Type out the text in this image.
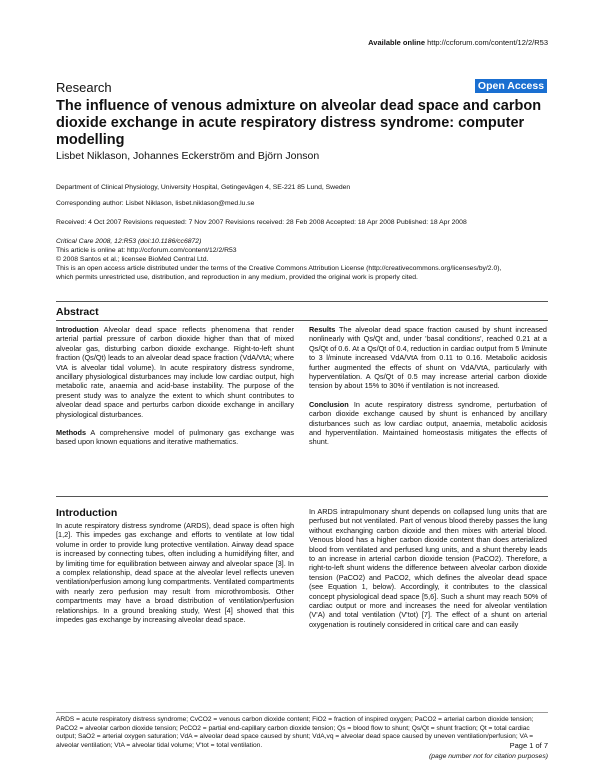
Available online http://ccforum.com/content/12/2/R53
Research	Open Access
The influence of venous admixture on alveolar dead space and carbon dioxide exchange in acute respiratory distress syndrome: computer modelling
Lisbet Niklason, Johannes Eckerström and Björn Jonson
Department of Clinical Physiology, University Hospital, Getingevägen 4, SE-221 85 Lund, Sweden
Corresponding author: Lisbet Niklason, lisbet.niklason@med.lu.se
Received: 4 Oct 2007 Revisions requested: 7 Nov 2007 Revisions received: 28 Feb 2008 Accepted: 18 Apr 2008 Published: 18 Apr 2008
Critical Care 2008, 12:R53 (doi:10.1186/cc6872)
This article is online at: http://ccforum.com/content/12/2/R53
© 2008 Santos et al.; licensee BioMed Central Ltd.
This is an open access article distributed under the terms of the Creative Commons Attribution License (http://creativecommons.org/licenses/by/2.0),
which permits unrestricted use, distribution, and reproduction in any medium, provided the original work is properly cited.
Abstract

Introduction Alveolar dead space reflects phenomena that render arterial partial pressure of carbon dioxide higher than that of mixed alveolar gas, disturbing carbon dioxide exchange. Right-to-left shunt fraction (Qs/Qt) leads to an alveolar dead space fraction (VdA/VtA; where VtA is alveolar tidal volume). In acute respiratory distress syndrome, ancillary physiological disturbances may include low cardiac output, high metabolic rate, anaemia and acid-base instability. The purpose of the present study was to analyze the extent to which shunt contributes to alveolar dead space and perturbs carbon dioxide exchange in ancillary physiological disturbances.

Methods A comprehensive model of pulmonary gas exchange was based upon known equations and iterative mathematics.

Results The alveolar dead space fraction caused by shunt increased nonlinearly with Qs/Qt and, under 'basal conditions', reached 0.21 at a Qs/Qt of 0.6. At a Qs/Qt of 0.4, reduction in cardiac output from 5 l/minute to 3 l/minute increased VdA/VtA from 0.11 to 0.16. Metabolic acidosis further augmented the effects of shunt on VdA/VtA, particularly with hyperventilation. A Qs/Qt of 0.5 may increase arterial carbon dioxide tension by about 15% to 30% if ventilation is not increased.

Conclusion In acute respiratory distress syndrome, perturbation of carbon dioxide exchange caused by shunt is enhanced by ancillary disturbances such as low cardiac output, anaemia, metabolic acidosis and hyperventilation. Maintained homeostasis mitigates the effects of shunt.

Introduction
In acute respiratory distress syndrome (ARDS), dead space is often high [1,2]. This impedes gas exchange and efforts to ventilate at low tidal volume in order to provide lung protective ventilation. Airway dead space is increased by connecting tubes, often including a humidifying filter, and by limiting time for equilibration between airway and alveolar space [3]. In a complex relationship, dead space at the alveolar level reflects uneven ventilation/perfusion among lung compartments. Ventilated compartments with nearly zero perfusion may result from microthrombosis. Other compartments may have a broad distribution of ventilation/perfusion relationships. In a ground breaking study, West [4] showed that this impedes gas exchange by increasing alveolar dead space.
In ARDS intrapulmonary shunt depends on collapsed lung units that are perfused but not ventilated. Part of venous blood thereby passes the lung without exchanging carbon dioxide and then mixes with arterial blood. Venous blood has a higher carbon dioxide content than does arterialized blood from ventilated and perfused lung units, and a shunt thereby leads to an increase in arterial carbon dioxide tension (PaCO2). Therefore, a right-to-left shunt widens the difference between alveolar carbon dioxide tension (PaCO2) and PaCO2, which defines the alveolar dead space (see Equation 1, below). Accordingly, it contributes to the classical concept physiological dead space [5,6]. Such a shunt may reach 50% of cardiac output or more and increases the need for alveolar ventilation (V'A) and total ventilation (V'tot) [7]. The effect of a shunt on arterial oxygenation is routinely considered in critical care and can easily
ARDS = acute respiratory distress syndrome; CvCO2 = venous carbon dioxide content; FiO2 = fraction of inspired oxygen; PaCO2 = arterial carbon dioxide tension; PaCO2 = alveolar carbon dioxide tension; PcCO2 = partial end-capillary carbon dioxide tension; Qs = blood flow to shunt; Qs/Qt = shunt fraction; Qt = total cardiac output; SaO2 = arterial oxygen saturation; VdA = alveolar dead space caused by shunt; VdA,vq = alveolar dead space caused by uneven ventilation/perfusion; VA = alveolar ventilation; VtA = alveolar tidal volume; V'tot = total ventilation.	Page 1 of 7
(page number not for citation purposes)
